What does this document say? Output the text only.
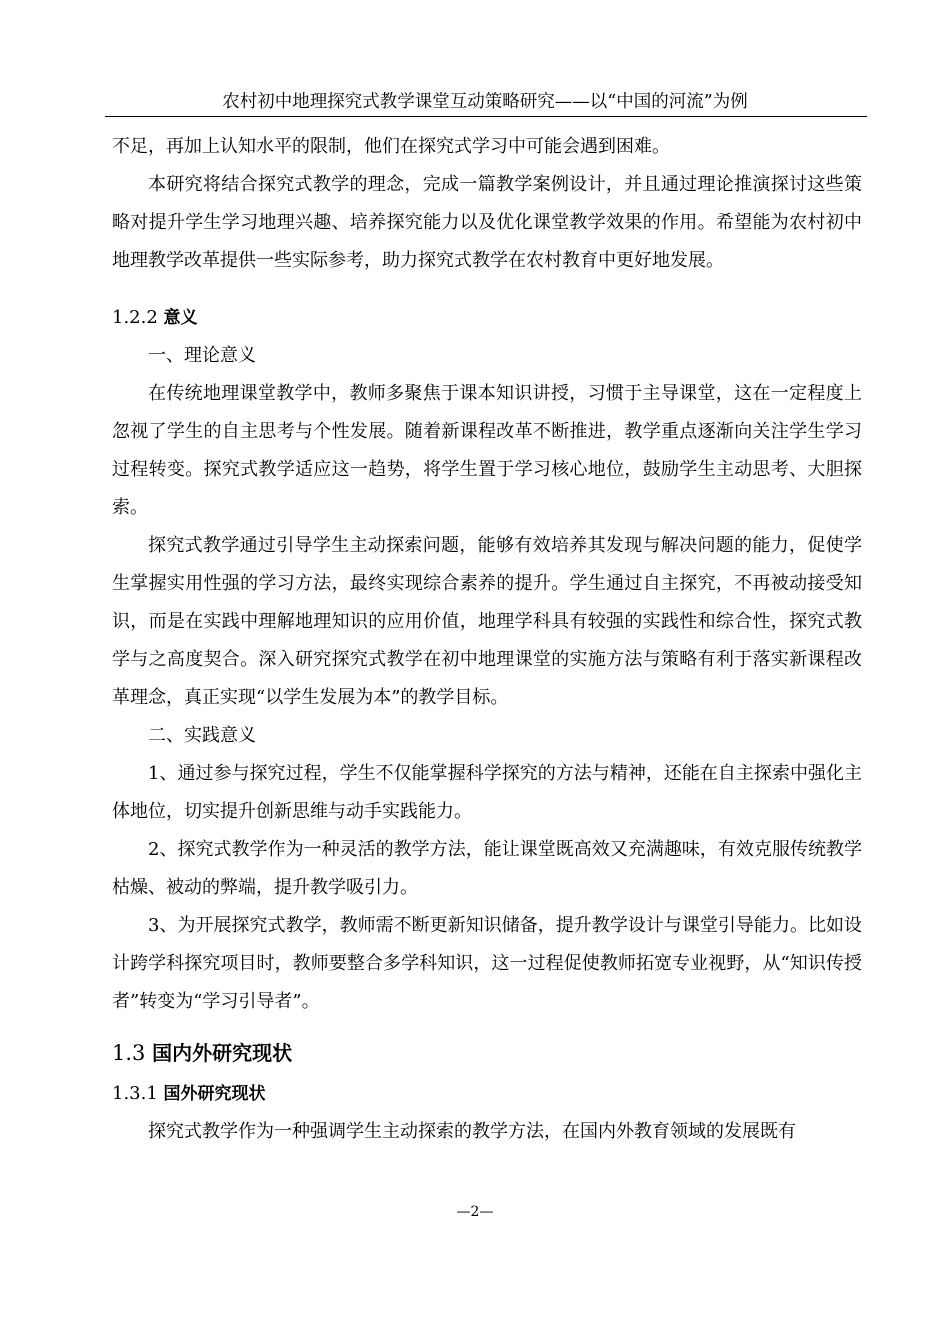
农村初中地理探究式教学课堂互动策略研究——以“中国的河流”为例

不足，再加上认知水平的限制，他们在探究式学习中可能会遇到困难。

本研究将结合探究式教学的理念，完成一篇教学案例设计，并且通过理论推演探讨这些策略对提升学生学习地理兴趣、培养探究能力以及优化课堂教学效果的作用。希望能为农村初中地理教学改革提供一些实际参考，助力探究式教学在农村教育中更好地发展。

1.2.2 意义

一、理论意义

在传统地理课堂教学中，教师多聚焦于课本知识讲授，习惯于主导课堂，这在一定程度上忽视了学生的自主思考与个性发展。随着新课程改革不断推进，教学重点逐渐向关注学生学习过程转变。探究式教学适应这一趋势，将学生置于学习核心地位，鼓励学生主动思考、大胆探索。

探究式教学通过引导学生主动探索问题，能够有效培养其发现与解决问题的能力，促使学生掌握实用性强的学习方法，最终实现综合素养的提升。学生通过自主探究，不再被动接受知识，而是在实践中理解地理知识的应用价值，地理学科具有较强的实践性和综合性，探究式教学与之高度契合。深入研究探究式教学在初中地理课堂的实施方法与策略有利于落实新课程改革理念，真正实现“以学生发展为本”的教学目标。

二、实践意义

1、通过参与探究过程，学生不仅能掌握科学探究的方法与精神，还能在自主探索中强化主体地位，切实提升创新思维与动手实践能力。

2、探究式教学作为一种灵活的教学方法，能让课堂既高效又充满趣味，有效克服传统教学枯燥、被动的弊端，提升教学吸引力。

3、为开展探究式教学，教师需不断更新知识储备，提升教学设计与课堂引导能力。比如设计跨学科探究项目时，教师要整合多学科知识，这一过程促使教师拓宽专业视野，从“知识传授者”转变为“学习引导者”。

1.3 国内外研究现状

1.3.1 国外研究现状

探究式教学作为一种强调学生主动探索的教学方法，在国内外教育领域的发展既有

—2—
